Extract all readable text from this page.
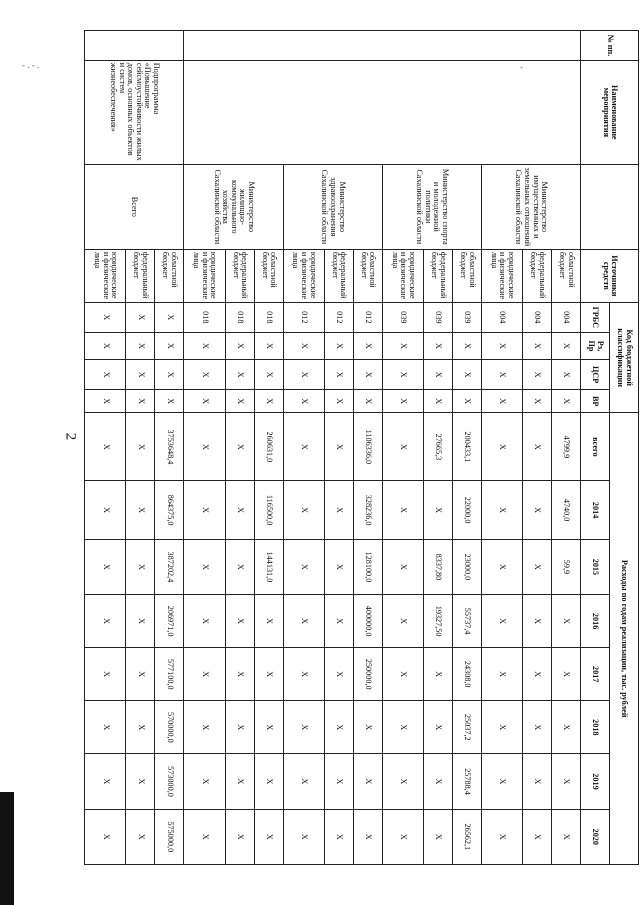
- . - .	-
2
№ пп.	Наименование мероприятия		Источники средств	Код бюджетной классификации				Расходы по годам реализации, тыс. рублей							
				ГРБС	Рз, Пр	ЦСР	ВР	всего	2014	2015	2016	2017	2018	2019	2020
		Министерство имущественных и земельных отношений Сахалинской области	областной бюджет	004	X	X	X	4799,9	4740,0	59,9	X	X	X	X	X
			федеральный бюджет	004	X	X	X	X	X	X	X	X	X	X	X
			юридические и физические лица	004	X	X	X	X	X	X	X	X	X	X	X
		Министерство спорта и молодежной политики Сахалинской области	областной бюджет	039	X	X	X	200433,1	22000,0	23000,0	55737,4	24308,0	25037,2	25788,4	26562,1
			федеральный бюджет	039	X	X	X	27665,3	X	8337,80	19327,50	X	X	X	X
			юридические и физические лица	039	X	X	X	X	X	X	X	X	X	X	X
		Министерство здравоохранения Сахалинской области	областной бюджет	012	X	X	X	1106336,0	328236,0	128100,0	400000,0	250000,0	X	X	X
			федеральный бюджет	012	X	X	X	X	X	X	X	X	X	X	X
			юридические и физические лица	012	X	X	X	X	X	X	X	X	X	X	X
		Министерство жилищно-коммунального хозяйства Сахалинской области	областной бюджет	018	X	X	X	260631,0	116500,0	144131,0	X	X	X	X	X
			федеральный бюджет	018	X	X	X	X	X	X	X	X	X	X	X
			юридические и физические лица	018	X	X	X	X	X	X	X	X	X	X	X
	Подпрограмма «Повышение сейсмоустойчивости жилых домов, основных объектов и систем жизнеобеспечения»	Всего	областной бюджет	X	X	X	X	3753648,4	864375,0	387202,4	206971,0	577100,0	570000,0	573000,0	575000,0
			федеральный бюджет	X	X	X	X	X	X	X	X	X	X	X	X
			юридические и физические лица	X	X	X	X	X	X	X	X	X	X	X	X
